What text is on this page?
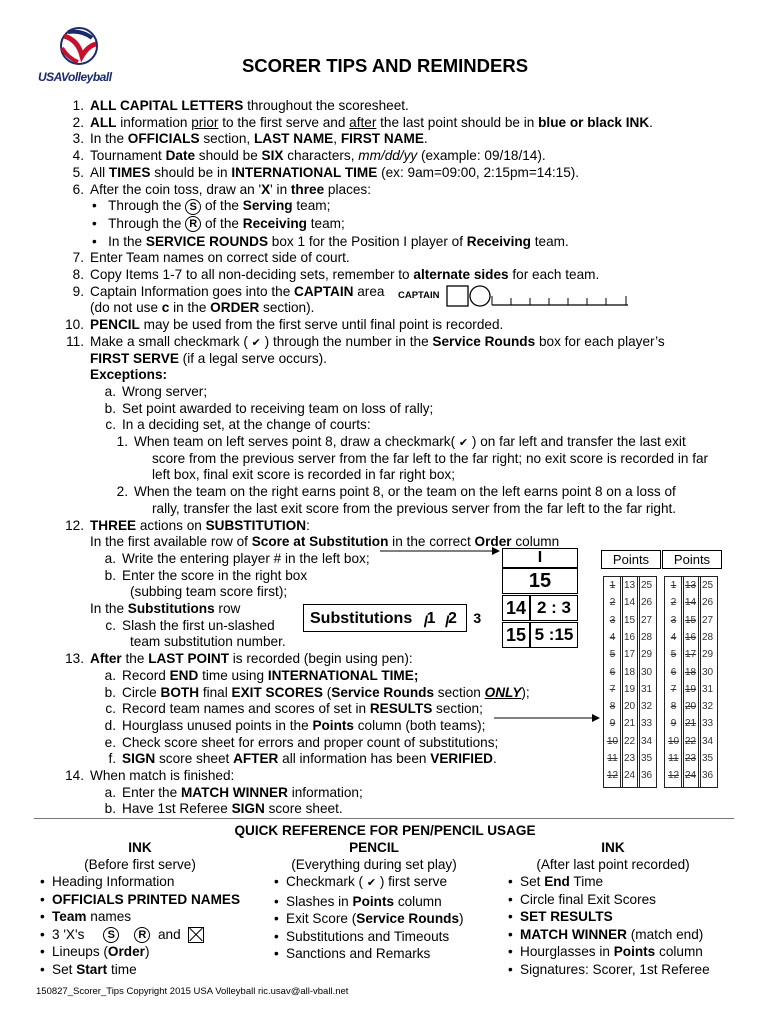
USAVolleyball
SCORER TIPS AND REMINDERS
1. ALL CAPITAL LETTERS throughout the scoresheet.
2. ALL information prior to the first serve and after the last point should be in blue or black INK.
3. In the OFFICIALS section, LAST NAME, FIRST NAME.
4. Tournament Date should be SIX characters, mm/dd/yy (example: 09/18/14).
5. All TIMES should be in INTERNATIONAL TIME (ex: 9am=09:00, 2:15pm=14:15).
6. After the coin toss, draw an 'X' in three places:
•   Through the S of the Serving team;
•   Through the R of the Receiving team;
•   In the SERVICE ROUNDS box 1 for the Position I player of Receiving team.
7. Enter Team names on correct side of court.
8. Copy Items 1-7 to all non-deciding sets, remember to alternate sides for each team.
9. Captain Information goes into the CAPTAIN area
(do not use c in the ORDER section).
10. PENCIL may be used from the first serve until final point is recorded.
11. Make a small checkmark ( ✔ ) through the number in the Service Rounds box for each player’s
FIRST SERVE (if a legal serve occurs).
Exceptions:
a. Wrong server;
b. Set point awarded to receiving team on loss of rally;
c. In a deciding set, at the change of courts:
1. When team on left serves point 8, draw a checkmark( ✔ ) on far left and transfer the last exit
score from the previous server from the far left to the far right; no exit score is recorded in far
left box, final exit score is recorded in far right box;
2. When the team on the right earns point 8, or the team on the left earns point 8 on a loss of
rally, transfer the last exit score from the previous server from the far left to the far right.
12. THREE actions on SUBSTITUTION:
In the first available row of Score at Substitution in the correct Order column
a. Write the entering player # in the left box;
b. Enter the score in the right box
(subbing team score first);
In the Substitutions row
c. Slash the first un-slashed
team substitution number.
13. After the LAST POINT is recorded (begin using pen):
a. Record END time using INTERNATIONAL TIME;
b. Circle BOTH final EXIT SCORES (Service Rounds section ONLY);
c. Record team names and scores of set in RESULTS section;
d. Hourglass unused points in the Points column (both teams);
e. Check score sheet for errors and proper count of substitutions;
f. SIGN score sheet AFTER all information has been VERIFIED.
14. When match is finished:
a. Enter the MATCH WINNER information;
b. Have 1st Referee SIGN score sheet.
CAPTAIN
I
15
14 2 : 3
15 5 :15
Substitutions 1
/ 2
/ 3
Points	Points
1
2
3
4
5
6
7
8
9
10
11
12
13
14
15
16
17
18
19
20
21
22
23
24
25
26
27
28
29
30
31
32
33
34
35
36
1
2
3
4
5
6
7
8
9
10
11
12
13
14
15
16
17
18
19
20
21
22
23
24
25
26
27
28
29
30
31
32
33
34
35
36
QUICK REFERENCE FOR PEN/PENCIL USAGE
INK
(Before first serve)
• Heading Information
• OFFICIALS PRINTED NAMES
• Team names
• 3 'X's     S R  and
• Lineups (Order)
• Set Start time
PENCIL
(Everything during set play)
• Checkmark ( ✔ ) first serve
• Slashes in Points column
• Exit Score (Service Rounds)
• Substitutions and Timeouts
• Sanctions and Remarks
INK
(After last point recorded)
• Set End Time
• Circle final Exit Scores
• SET RESULTS
• MATCH WINNER (match end)
• Hourglasses in Points column
• Signatures: Scorer, 1st Referee
150827_Scorer_Tips Copyright 2015 USA Volleyball ric.usav@all-vball.net
